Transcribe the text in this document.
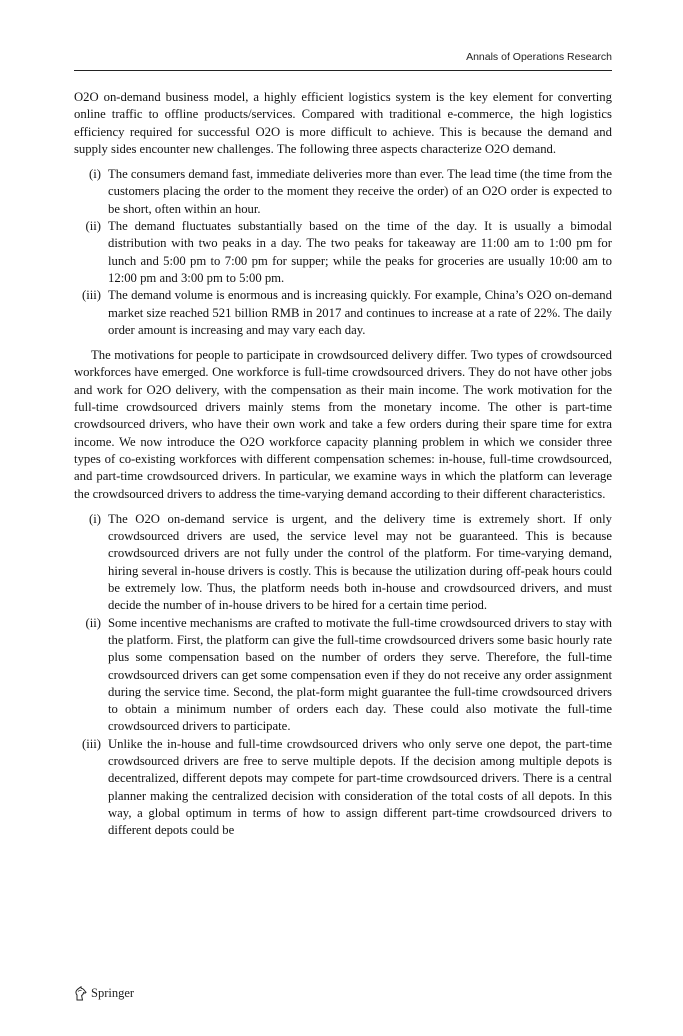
Annals of Operations Research

O2O on-demand business model, a highly efficient logistics system is the key element for converting online traffic to offline products/services. Compared with traditional e-commerce, the high logistics efficiency required for successful O2O is more difficult to achieve. This is because the demand and supply sides encounter new challenges. The following three aspects characterize O2O demand.

(i) The consumers demand fast, immediate deliveries more than ever. The lead time (the time from the customers placing the order to the moment they receive the order) of an O2O order is expected to be short, often within an hour.
(ii) The demand fluctuates substantially based on the time of the day. It is usually a bimodal distribution with two peaks in a day. The two peaks for takeaway are 11:00 am to 1:00 pm for lunch and 5:00 pm to 7:00 pm for supper; while the peaks for groceries are usually 10:00 am to 12:00 pm and 3:00 pm to 5:00 pm.
(iii) The demand volume is enormous and is increasing quickly. For example, China’s O2O on-demand market size reached 521 billion RMB in 2017 and continues to increase at a rate of 22%. The daily order amount is increasing and may vary each day.

The motivations for people to participate in crowdsourced delivery differ. Two types of crowdsourced workforces have emerged. One workforce is full-time crowdsourced drivers. They do not have other jobs and work for O2O delivery, with the compensation as their main income. The work motivation for the full-time crowdsourced drivers mainly stems from the monetary income. The other is part-time crowdsourced drivers, who have their own work and take a few orders during their spare time for extra income. We now introduce the O2O workforce capacity planning problem in which we consider three types of co-existing workforces with different compensation schemes: in-house, full-time crowdsourced, and part-time crowdsourced drivers. In particular, we examine ways in which the platform can leverage the crowdsourced drivers to address the time-varying demand according to their different characteristics.

(i) The O2O on-demand service is urgent, and the delivery time is extremely short. If only crowdsourced drivers are used, the service level may not be guaranteed. This is because crowdsourced drivers are not fully under the control of the platform. For time-varying demand, hiring several in-house drivers is costly. This is because the utilization during off-peak hours could be extremely low. Thus, the platform needs both in-house and crowdsourced drivers, and must decide the number of in-house drivers to be hired for a certain time period.
(ii) Some incentive mechanisms are crafted to motivate the full-time crowdsourced drivers to stay with the platform. First, the platform can give the full-time crowdsourced drivers some basic hourly rate plus some compensation based on the number of orders they serve. Therefore, the full-time crowdsourced drivers can get some compensation even if they do not receive any order assignment during the service time. Second, the plat-form might guarantee the full-time crowdsourced drivers to obtain a minimum number of orders each day. These could also motivate the full-time crowdsourced drivers to participate.
(iii) Unlike the in-house and full-time crowdsourced drivers who only serve one depot, the part-time crowdsourced drivers are free to serve multiple depots. If the decision among multiple depots is decentralized, different depots may compete for part-time crowdsourced drivers. There is a central planner making the centralized decision with consideration of the total costs of all depots. In this way, a global optimum in terms of how to assign different part-time crowdsourced drivers to different depots could be
Springer
